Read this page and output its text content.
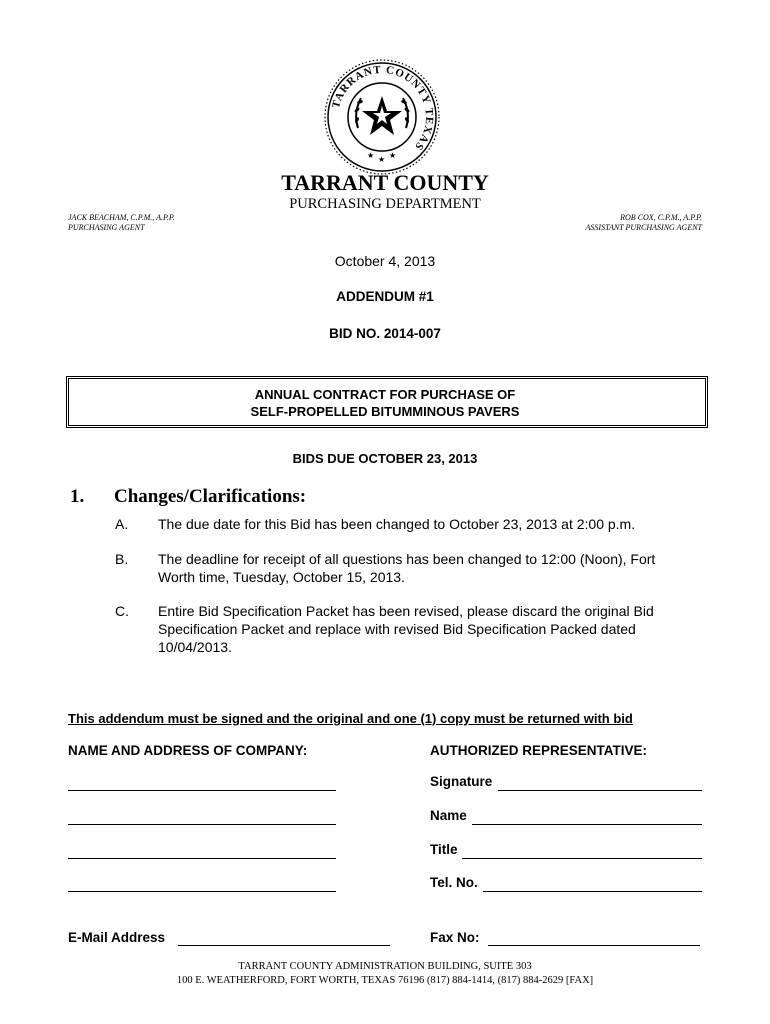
TARRANT COUNTY TEXAS
★ ★ ★
TARRANT COUNTY
PURCHASING DEPARTMENT
JACK BEACHAM, C.P.M., A.P.P.
PURCHASING AGENT
ROB COX, C.P.M., A.P.P.
ASSISTANT PURCHASING AGENT
October 4, 2013
ADDENDUM #1
BID NO. 2014-007
ANNUAL CONTRACT FOR PURCHASE OF
SELF-PROPELLED BITUMMINOUS PAVERS
BIDS DUE OCTOBER 23, 2013
1. Changes/Clarifications:
A. The due date for this Bid has been changed to October 23, 2013 at 2:00 p.m.
B. The deadline for receipt of all questions has been changed to 12:00 (Noon), Fort
Worth time, Tuesday, October 15, 2013.
C. Entire Bid Specification Packet has been revised, please discard the original Bid
Specification Packet and replace with revised Bid Specification Packed dated
10/04/2013.
This addendum must be signed and the original and one (1) copy must be returned with bid
NAME AND ADDRESS OF COMPANY:	AUTHORIZED REPRESENTATIVE:
Signature
Name
Title
Tel. No.
E-Mail Address	Fax No:
TARRANT COUNTY ADMINISTRATION BUILDING, SUITE 303
100 E. WEATHERFORD, FORT WORTH, TEXAS 76196 (817) 884-1414, (817) 884-2629 [FAX]
